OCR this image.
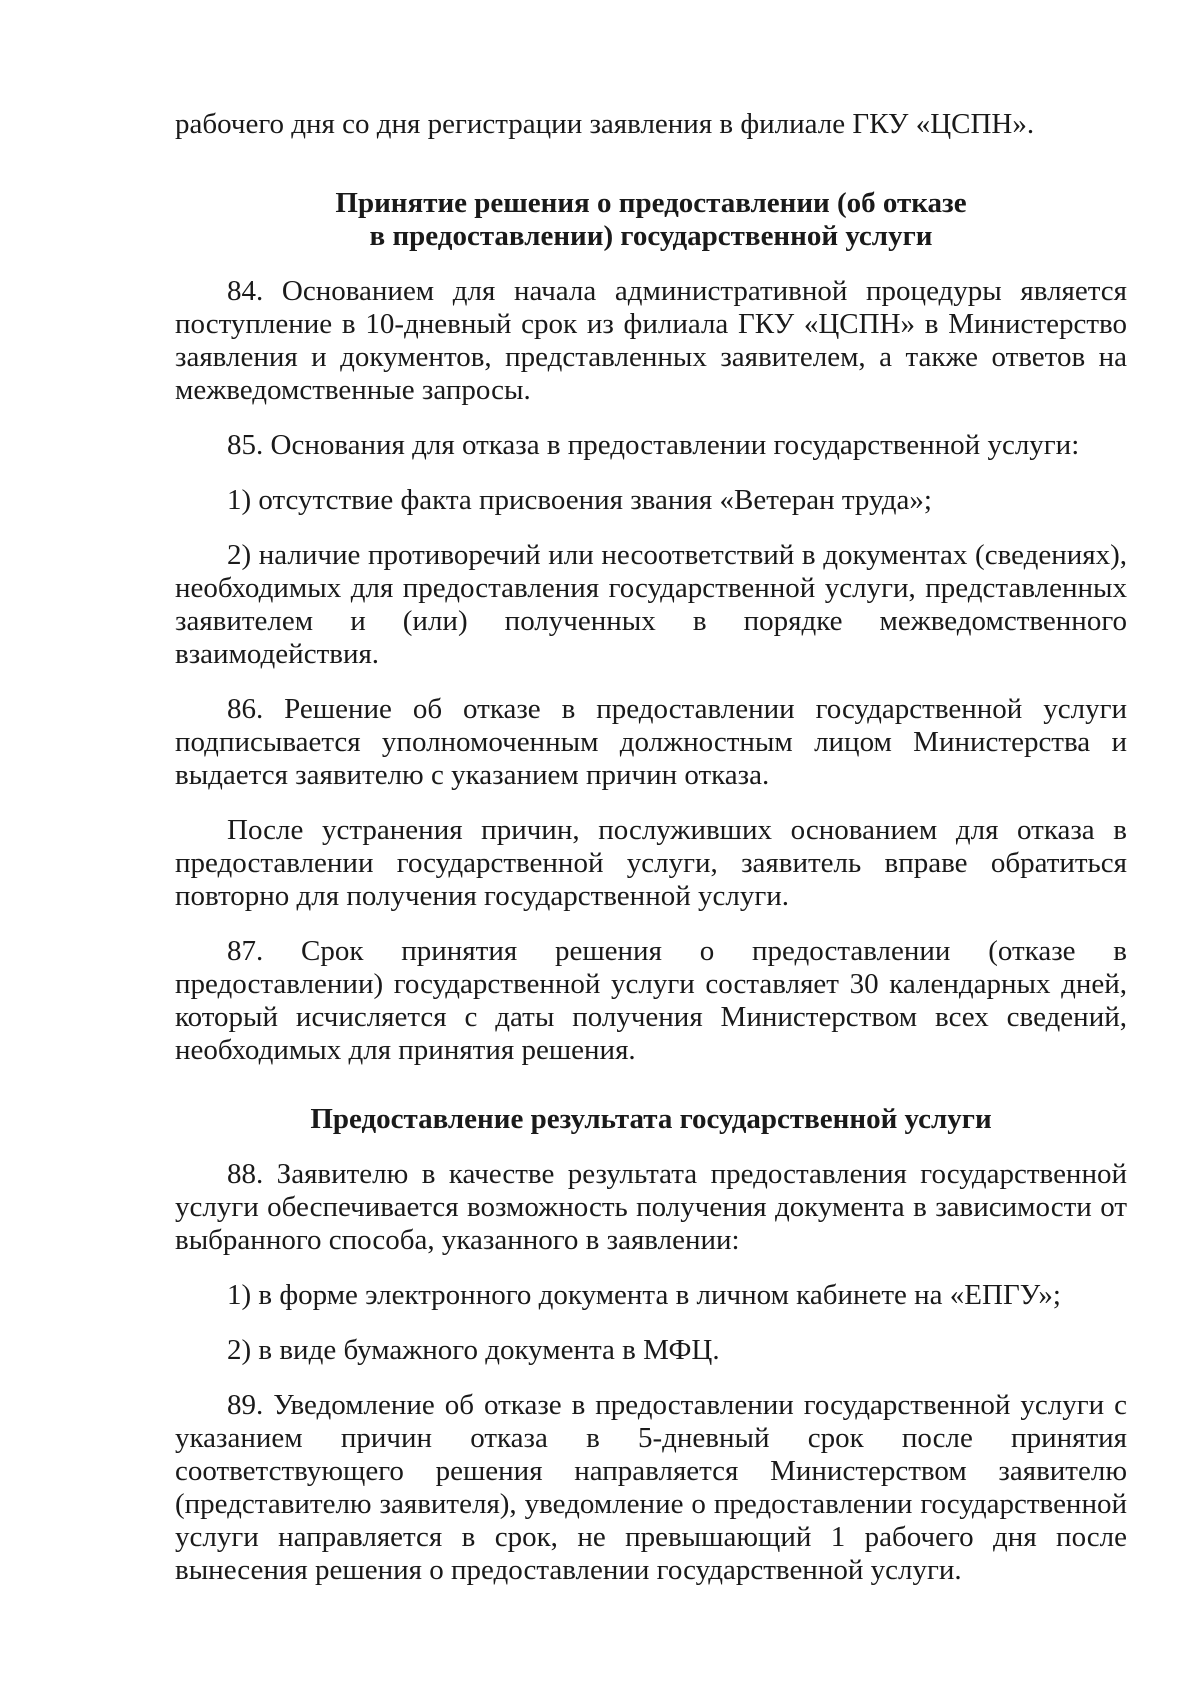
рабочего дня со дня регистрации заявления в филиале ГКУ «ЦСПН».

Принятие решения о предоставлении (об отказе

в предоставлении) государственной услуги

84. Основанием для начала административной процедуры является поступление в 10-дневный срок из филиала ГКУ «ЦСПН» в Министерство заявления и документов, представленных заявителем, а также ответов на межведомственные запросы.

85. Основания для отказа в предоставлении государственной услуги:

1) отсутствие факта присвоения звания «Ветеран труда»;

2) наличие противоречий или несоответствий в документах (сведениях), необходимых для предоставления государственной услуги, представленных заявителем и (или) полученных в порядке межведомственного взаимодействия.

86. Решение об отказе в предоставлении государственной услуги подписывается уполномоченным должностным лицом Министерства и выдается заявителю с указанием причин отказа.

После устранения причин, послуживших основанием для отказа в предоставлении государственной услуги, заявитель вправе обратиться повторно для получения государственной услуги.

87. Срок принятия решения о предоставлении (отказе в предоставлении) государственной услуги составляет 30 календарных дней, который исчисляется с даты получения Министерством всех сведений, необходимых для принятия решения.

Предоставление результата государственной услуги

88. Заявителю в качестве результата предоставления государственной услуги обеспечивается возможность получения документа в зависимости от выбранного способа, указанного в заявлении:

1) в форме электронного документа в личном кабинете на «ЕПГУ»;

2) в виде бумажного документа в МФЦ.

89. Уведомление об отказе в предоставлении государственной услуги с указанием причин отказа в 5-дневный срок после принятия соответствующего решения направляется Министерством заявителю (представителю заявителя), уведомление о предоставлении государственной услуги направляется в срок, не превышающий 1 рабочего дня после вынесения решения о предоставлении государственной услуги.
